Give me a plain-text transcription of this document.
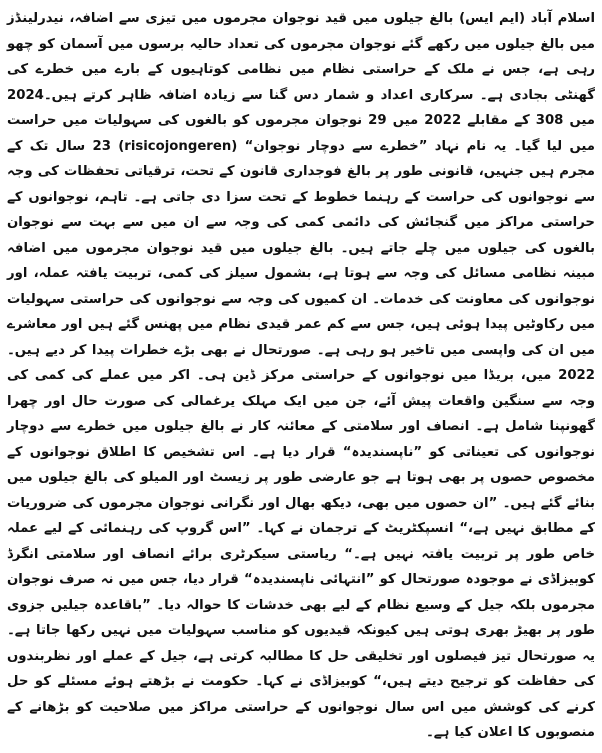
اسلام آباد (ایم ایس) بالغ جیلوں میں قید نوجوان مجرموں میں تیزی سے اضافہ، نیدرلینڈز میں بالغ جیلوں میں رکھے گئے نوجوان مجرموں کی تعداد حالیہ برسوں میں آسمان کو چھو رہی ہے، جس نے ملک کے حراستی نظام میں نظامی کوتاہیوں کے بارے میں خطرے کی گھنٹی بجادی ہے۔ سرکاری اعداد و شمار دس گنا سے زیادہ اضافہ ظاہر کرتے ہیں۔2024 میں 308 کے مقابلے 2022 میں 29 نوجوان مجرموں کو بالغوں کی سہولیات میں حراست میں لیا گیا۔ یہ نام نہاد ”خطرے سے دوچار نوجوان“ (risicojongeren) 23 سال تک کے مجرم ہیں جنہیں، قانونی طور پر بالغ فوجداری قانون کے تحت، ترقیاتی تحفظات کی وجہ سے نوجوانوں کی حراست کے رہنما خطوط کے تحت سزا دی جاتی ہے۔ تاہم، نوجوانوں کے حراستی مراکز میں گنجائش کی دائمی کمی کی وجہ سے ان میں سے بہت سے نوجوان بالغوں کی جیلوں میں چلے جاتے ہیں۔ بالغ جیلوں میں قید نوجوان مجرموں میں اضافہ مبینہ نظامی مسائل کی وجہ سے ہوتا ہے، بشمول سیلز کی کمی، تربیت یافتہ عملہ، اور نوجوانوں کی معاونت کی خدمات۔ ان کمیوں کی وجہ سے نوجوانوں کی حراستی سہولیات میں رکاوٹیں پیدا ہوئی ہیں، جس سے کم عمر قیدی نظام میں پھنس گئے ہیں اور معاشرے میں ان کی واپسی میں تاخیر ہو رہی ہے۔ صورتحال نے بھی بڑے خطرات پیدا کر دیے ہیں۔ 2022 میں، بریڈا میں نوجوانوں کے حراستی مرکز ڈین ہی۔ اکر میں عملے کی کمی کی وجہ سے سنگین واقعات پیش آئے، جن میں ایک مہلک یرغمالی کی صورت حال اور چھرا گھونپنا شامل ہے۔ انصاف اور سلامتی کے معائنہ کار نے بالغ جیلوں میں خطرے سے دوچار نوجوانوں کی تعیناتی کو ”ناپسندیدہ“ قرار دیا ہے۔ اس تشخیص کا اطلاق نوجوانوں کے مخصوص حصوں پر بھی ہوتا ہے جو عارضی طور پر زیسٹ اور المیلو کی بالغ جیلوں میں بنائے گئے ہیں۔ ”ان حصوں میں بھی، دیکھ بھال اور نگرانی نوجوان مجرموں کی ضروریات کے مطابق نہیں ہے،“ انسپکٹریٹ کے ترجمان نے کہا۔ ”اس گروپ کی رہنمائی کے لیے عملہ خاص طور پر تربیت یافتہ نہیں ہے۔“ ریاستی سیکرٹری برائے انصاف اور سلامتی انگرڈ کوبیزاڈی نے موجودہ صورتحال کو ”انتہائی ناپسندیدہ“ قرار دیا، جس میں نہ صرف نوجوان مجرموں بلکہ جیل کے وسیع نظام کے لیے بھی خدشات کا حوالہ دیا۔ ”باقاعدہ جیلیں جزوی طور پر بھیڑ بھری ہوتی ہیں کیونکہ قیدیوں کو مناسب سہولیات میں نہیں رکھا جاتا ہے۔ یہ صورتحال تیز فیصلوں اور تخلیقی حل کا مطالبہ کرتی ہے، جیل کے عملے اور نظربندوں کی حفاظت کو ترجیح دیتے ہیں،“ کوبیزاڈی نے کہا۔ حکومت نے بڑھتے ہوئے مسئلے کو حل کرنے کی کوشش میں اس سال نوجوانوں کے حراستی مراکز میں صلاحیت کو بڑھانے کے منصوبوں کا اعلان کیا ہے۔
